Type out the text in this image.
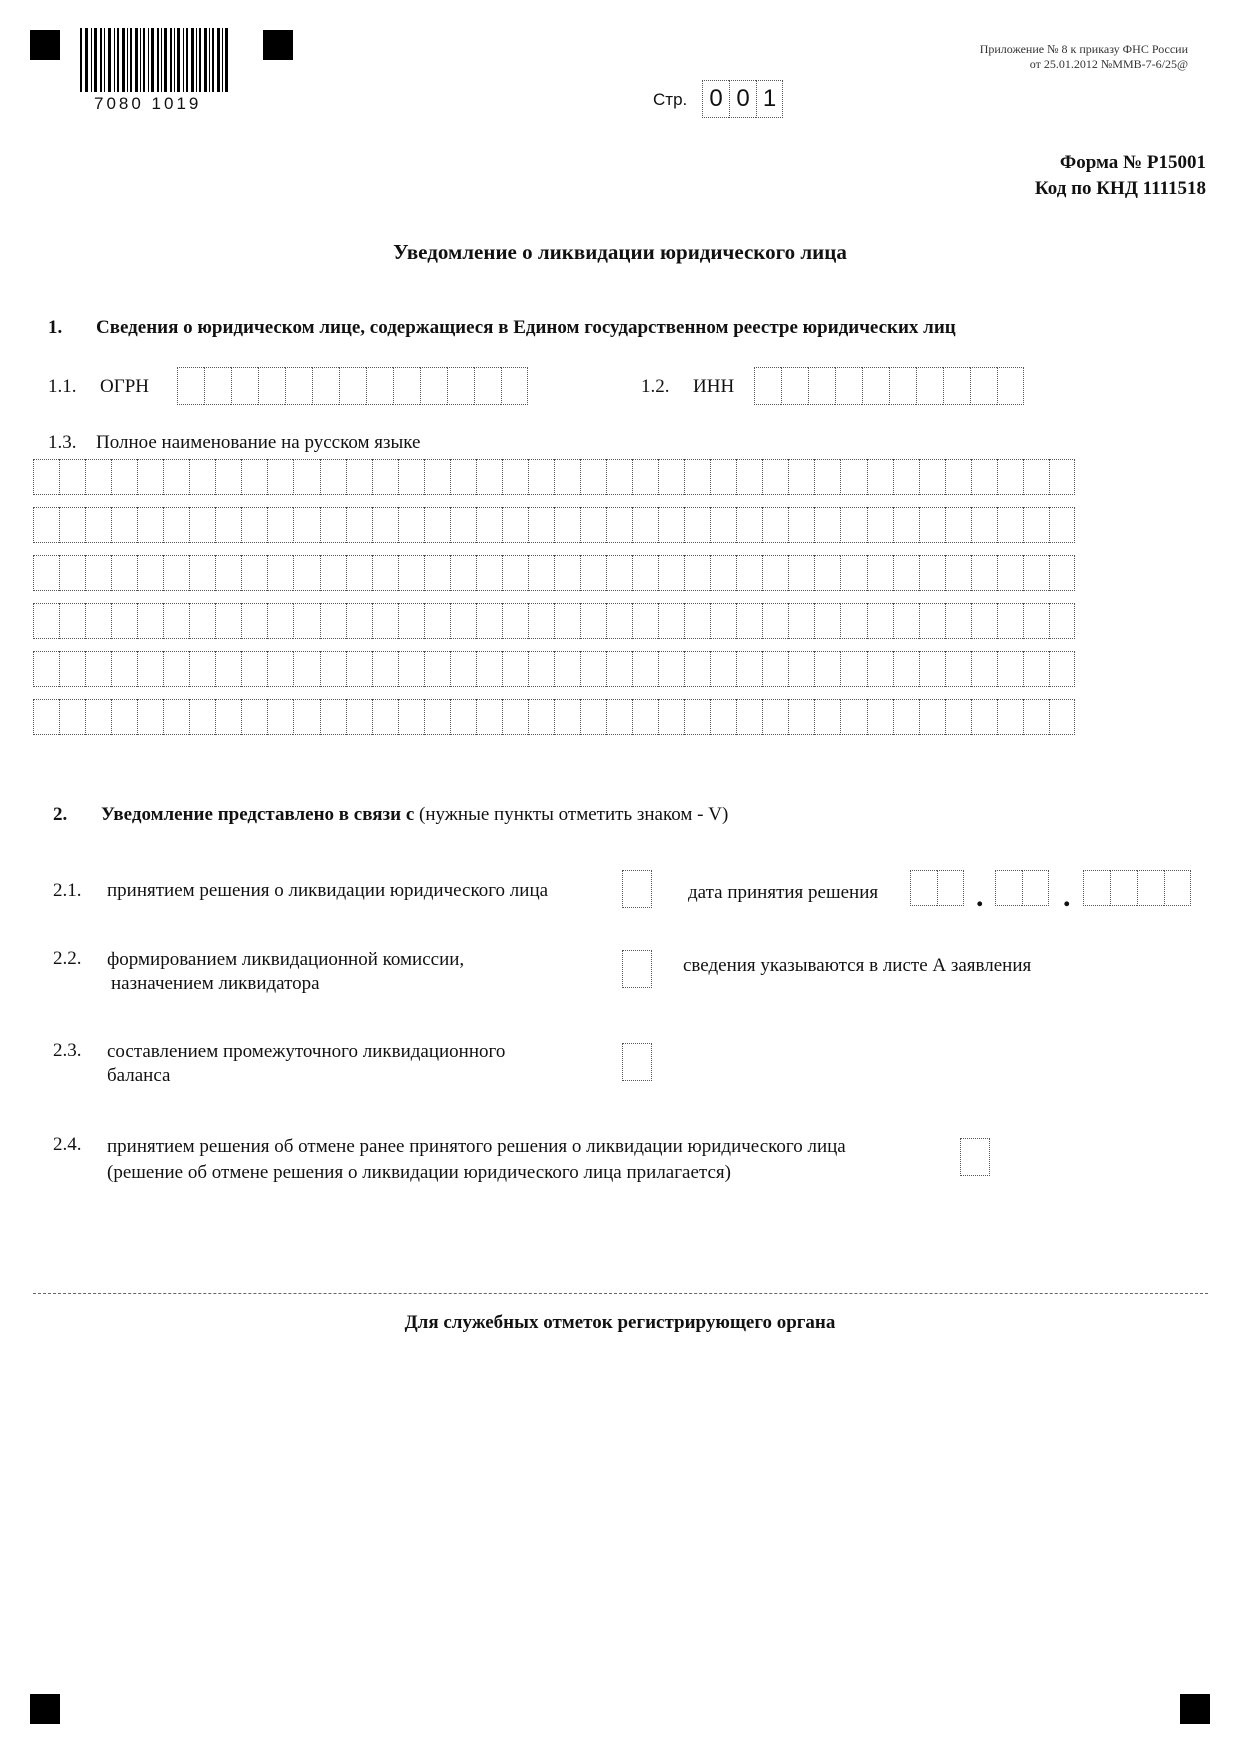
7080 1019	Стр. 0 0 1
Приложение № 8 к приказу ФНС России
от 25.01.2012 №ММВ-7-6/25@
Форма № Р15001
Код по КНД 1111518
Уведомление о ликвидации юридического лица
1. Сведения о юридическом лице, содержащиеся в Едином государственном реестре юридических лиц
1.1. ОГРН	1.2. ИНН
1.3. Полное наименование на русском языке
2. Уведомление представлено в связи с (нужные пункты отметить знаком - V)
2.1. принятием решения о ликвидации юридического лица	дата принятия решения	.	.
2.2. формированием ликвидационной комиссии,
назначением ликвидатора
сведения указываются в листе А заявления
2.3. составлением промежуточного ликвидационного
баланса
2.4. принятием решения об отмене ранее принятого решения о ликвидации юридического лица
(решение об отмене решения о ликвидации юридического лица прилагается)
Для служебных отметок регистрирующего органа
